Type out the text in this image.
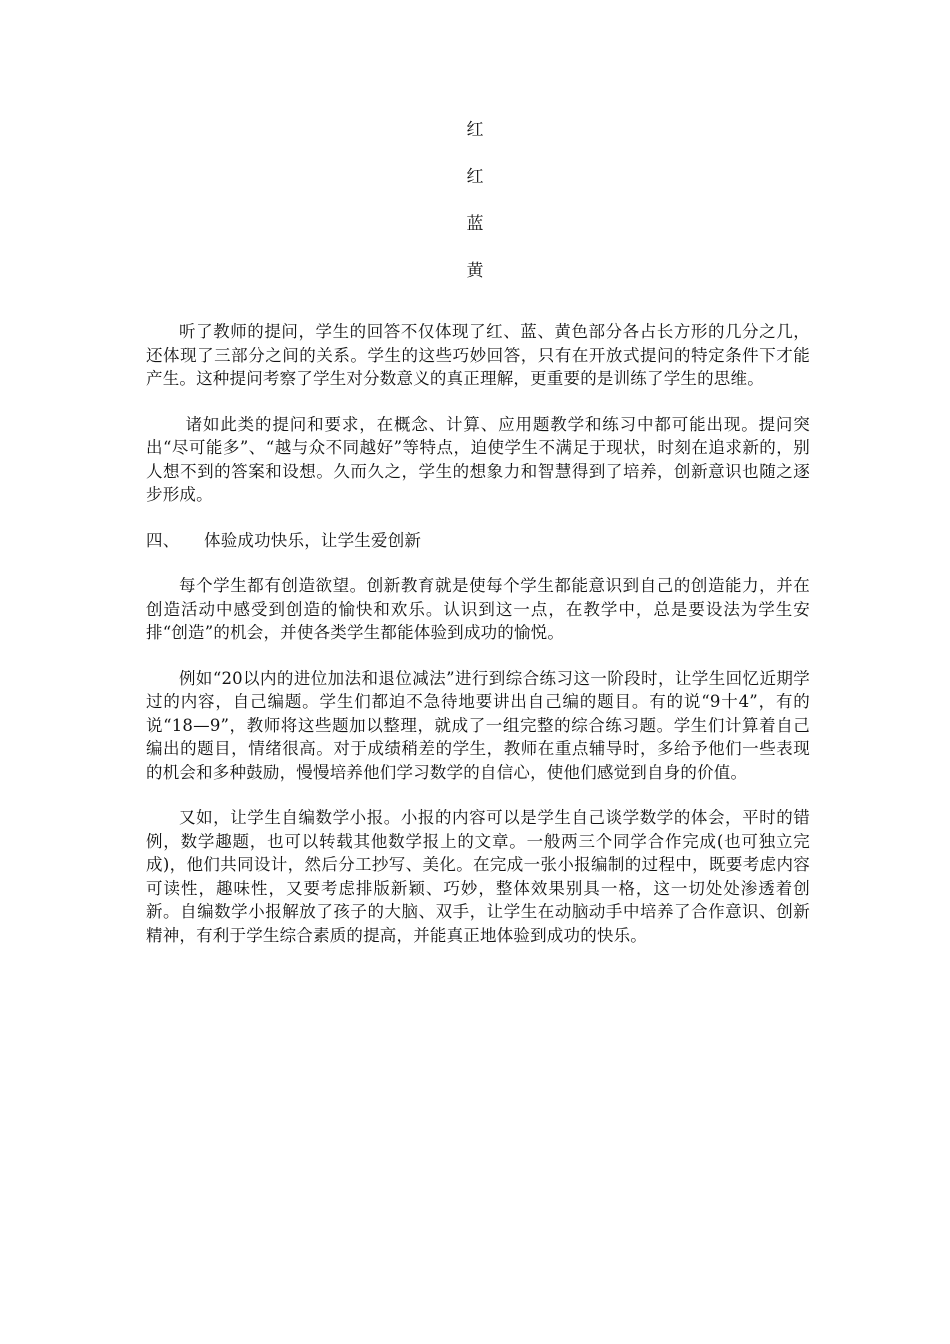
红
红
蓝
黄

听了教师的提问，学生的回答不仅体现了红、蓝、黄色部分各占长方形的几分之几，还体现了三部分之间的关系。学生的这些巧妙回答，只有在开放式提问的特定条件下才能产生。这种提问考察了学生对分数意义的真正理解，更重要的是训练了学生的思维。

诸如此类的提问和要求，在概念、计算、应用题教学和练习中都可能出现。提问突出“尽可能多”、“越与众不同越好”等特点，迫使学生不满足于现状，时刻在追求新的，别人想不到的答案和设想。久而久之，学生的想象力和智慧得到了培养，创新意识也随之逐步形成。

四、 体验成功快乐，让学生爱创新

每个学生都有创造欲望。创新教育就是使每个学生都能意识到自己的创造能力，并在创造活动中感受到创造的愉快和欢乐。认识到这一点，在教学中，总是要设法为学生安排“创造”的机会，并使各类学生都能体验到成功的愉悦。

例如“20以内的进位加法和退位减法”进行到综合练习这一阶段时，让学生回忆近期学过的内容，自己编题。学生们都迫不急待地要讲出自己编的题目。有的说“9十4”，有的说“18—9”，教师将这些题加以整理，就成了一组完整的综合练习题。学生们计算着自己编出的题目，情绪很高。对于成绩稍差的学生，教师在重点辅导时，多给予他们一些表现的机会和多种鼓励，慢慢培养他们学习数学的自信心，使他们感觉到自身的价值。

又如，让学生自编数学小报。小报的内容可以是学生自己谈学数学的体会，平时的错例，数学趣题，也可以转载其他数学报上的文章。一般两三个同学合作完成(也可独立完成)，他们共同设计，然后分工抄写、美化。在完成一张小报编制的过程中，既要考虑内容可读性，趣味性，又要考虑排版新颖、巧妙，整体效果别具一格，这一切处处渗透着创新。自编数学小报解放了孩子的大脑、双手，让学生在动脑动手中培养了合作意识、创新精神，有利于学生综合素质的提高，并能真正地体验到成功的快乐。
